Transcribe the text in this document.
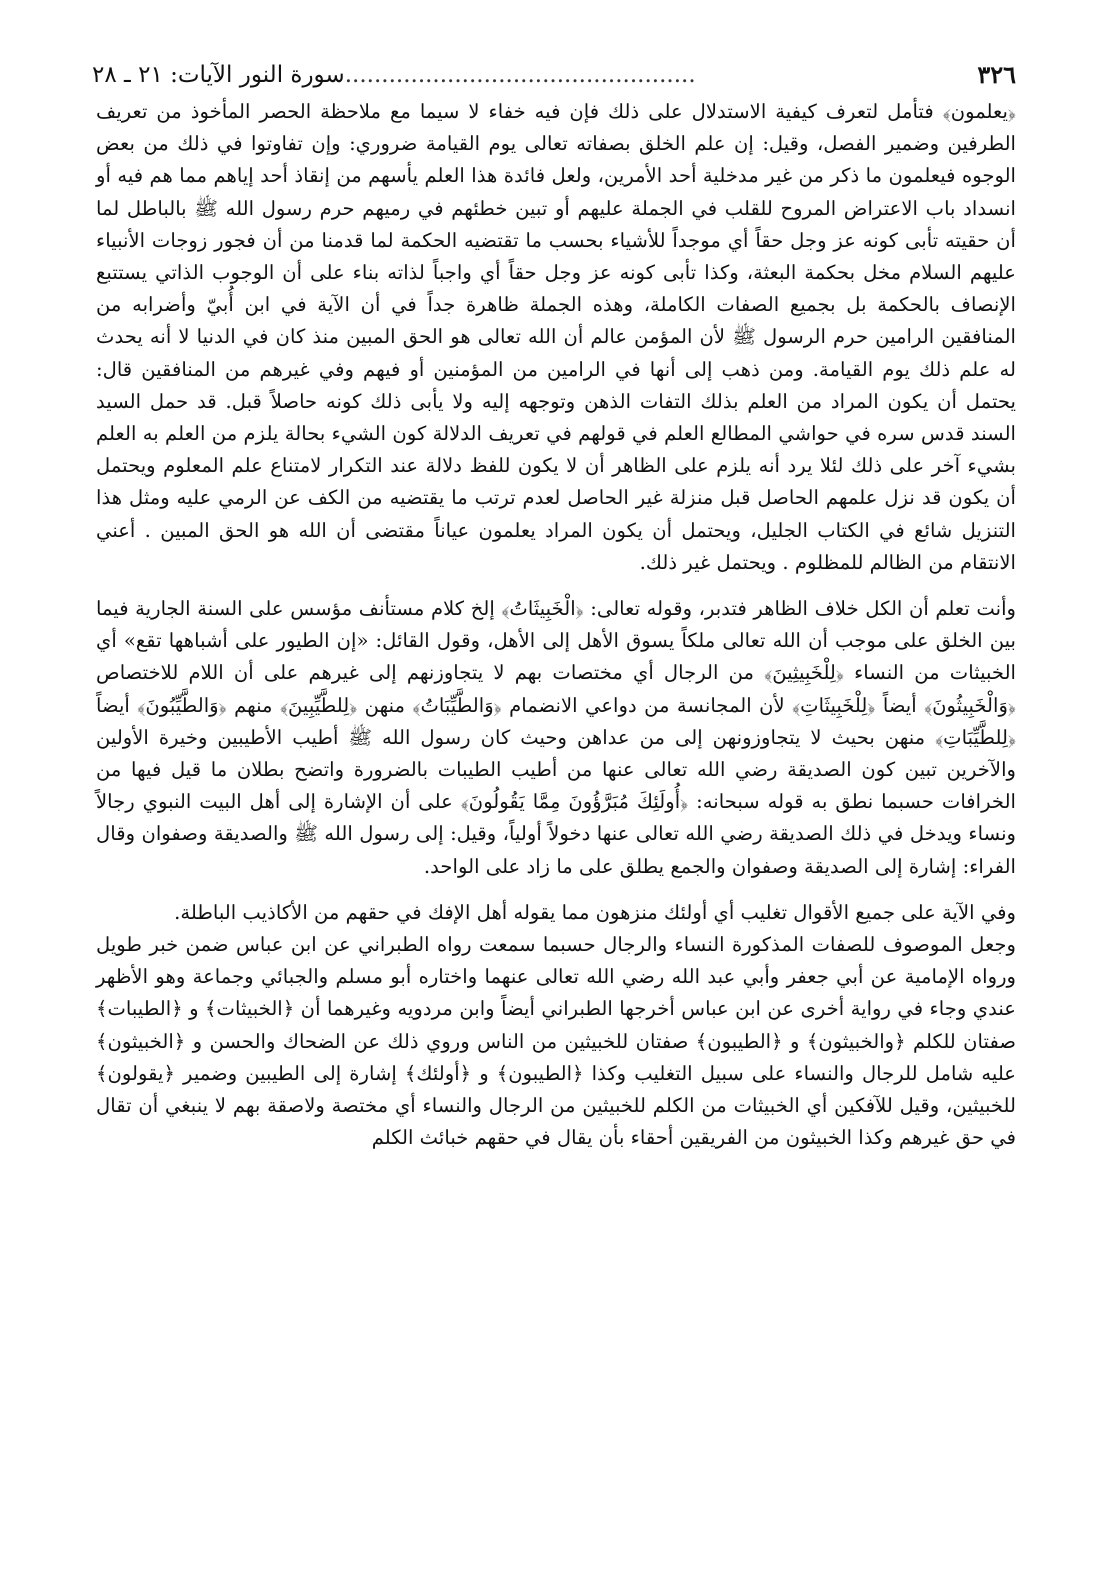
٣٢٦
................................................سورة النور الآيات: ٢١ ـ ٢٨

﴿يعلمون﴾ فتأمل لتعرف كيفية الاستدلال على ذلك فإن فيه خفاء لا سيما مع ملاحظة الحصر المأخوذ من تعريف الطرفين وضمير الفصل، وقيل: إن علم الخلق بصفاته تعالى يوم القيامة ضروري: وإن تفاوتوا في ذلك من بعض الوجوه فيعلمون ما ذكر من غير مدخلية أحد الأمرين، ولعل فائدة هذا العلم يأسهم من إنقاذ أحد إياهم مما هم فيه أو انسداد باب الاعتراض المروح للقلب في الجملة عليهم أو تبين خطئهم في رميهم حرم رسول الله ﷺ بالباطل لما أن حقيته تأبى كونه عز وجل حقاً أي موجداً للأشياء بحسب ما تقتضيه الحكمة لما قدمنا من أن فجور زوجات الأنبياء عليهم السلام مخل بحكمة البعثة، وكذا تأبى كونه عز وجل حقاً أي واجباً لذاته بناء على أن الوجوب الذاتي يستتبع الإنصاف بالحكمة بل بجميع الصفات الكاملة، وهذه الجملة ظاهرة جداً في أن الآية في ابن أُبيّ وأضرابه من المنافقين الرامين حرم الرسول ﷺ لأن المؤمن عالم أن الله تعالى هو الحق المبين منذ كان في الدنيا لا أنه يحدث له علم ذلك يوم القيامة. ومن ذهب إلى أنها في الرامين من المؤمنين أو فيهم وفي غيرهم من المنافقين قال: يحتمل أن يكون المراد من العلم بذلك التفات الذهن وتوجهه إليه ولا يأبى ذلك كونه حاصلاً قبل. قد حمل السيد السند قدس سره في حواشي المطالع العلم في قولهم في تعريف الدلالة كون الشيء بحالة يلزم من العلم به العلم بشيء آخر على ذلك لئلا يرد أنه يلزم على الظاهر أن لا يكون للفظ دلالة عند التكرار لامتناع علم المعلوم ويحتمل أن يكون قد نزل علمهم الحاصل قبل منزلة غير الحاصل لعدم ترتب ما يقتضيه من الكف عن الرمي عليه ومثل هذا التنزيل شائع في الكتاب الجليل، ويحتمل أن يكون المراد يعلمون عياناً مقتضى أن الله هو الحق المبين . أعني الانتقام من الظالم للمظلوم . ويحتمل غير ذلك.

وأنت تعلم أن الكل خلاف الظاهر فتدبر، وقوله تعالى: ﴿الْخَبِيثَاتُ﴾ إلخ كلام مستأنف مؤسس على السنة الجارية فيما بين الخلق على موجب أن الله تعالى ملكاً يسوق الأهل إلى الأهل، وقول القائل: «إن الطيور على أشباهها تقع» أي الخبيثات من النساء ﴿لِلْخَبِيثِينَ﴾ من الرجال أي مختصات بهم لا يتجاوزنهم إلى غيرهم على أن اللام للاختصاص ﴿وَالْخَبِيثُونَ﴾ أيضاً ﴿لِلْخَبِيثَاتِ﴾ لأن المجانسة من دواعي الانضمام ﴿وَالطَّيِّبَاتُ﴾ منهن ﴿لِلطَّيِّبِينَ﴾ منهم ﴿وَالطَّيِّبُونَ﴾ أيضاً ﴿لِلطَّيِّبَاتِ﴾ منهن بحيث لا يتجاوزونهن إلى من عداهن وحيث كان رسول الله ﷺ أطيب الأطيبين وخيرة الأولين والآخرين تبين كون الصديقة رضي الله تعالى عنها من أطيب الطيبات بالضرورة واتضح بطلان ما قيل فيها من الخرافات حسبما نطق به قوله سبحانه: ﴿أُولَئِكَ مُبَرَّؤُونَ مِمَّا يَقُولُونَ﴾ على أن الإشارة إلى أهل البيت النبوي رجالاً ونساء ويدخل في ذلك الصديقة رضي الله تعالى عنها دخولاً أولياً، وقيل: إلى رسول الله ﷺ والصديقة وصفوان وقال الفراء: إشارة إلى الصديقة وصفوان والجمع يطلق على ما زاد على الواحد.

وفي الآية على جميع الأقوال تغليب أي أولئك منزهون مما يقوله أهل الإفك في حقهم من الأكاذيب الباطلة.

وجعل الموصوف للصفات المذكورة النساء والرجال حسبما سمعت رواه الطبراني عن ابن عباس ضمن خبر طويل ورواه الإمامية عن أبي جعفر وأبي عبد الله رضي الله تعالى عنهما واختاره أبو مسلم والجبائي وجماعة وهو الأظهر عندي وجاء في رواية أخرى عن ابن عباس أخرجها الطبراني أيضاً وابن مردويه وغيرهما أن ﴿الخبيثات﴾ و ﴿الطيبات﴾ صفتان للكلم ﴿والخبيثون﴾ و ﴿الطيبون﴾ صفتان للخبيثين من الناس وروي ذلك عن الضحاك والحسن و ﴿الخبيثون﴾ عليه شامل للرجال والنساء على سبيل التغليب وكذا ﴿الطيبون﴾ و ﴿أولئك﴾ إشارة إلى الطيبين وضمير ﴿يقولون﴾ للخبيثين، وقيل للآفكين أي الخبيثات من الكلم للخبيثين من الرجال والنساء أي مختصة ولاصقة بهم لا ينبغي أن تقال في حق غيرهم وكذا الخبيثون من الفريقين أحقاء بأن يقال في حقهم خبائث الكلم
